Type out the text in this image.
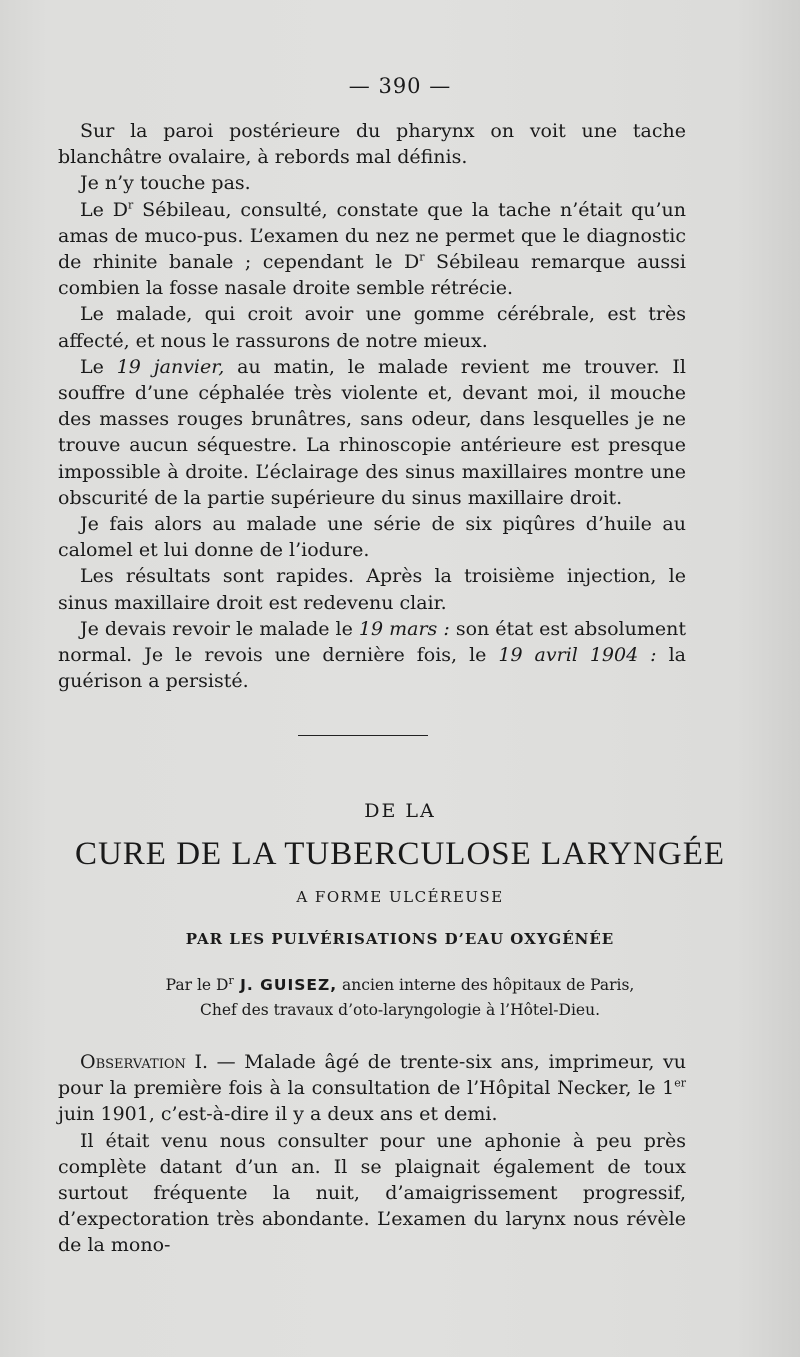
— 390 —

Sur la paroi postérieure du pharynx on voit une tache blanchâtre ovalaire, à rebords mal définis.

Je n’y touche pas.

Le $D^r$ Sébileau, consulté, constate que la tache n’était qu’un amas de muco-pus. L’examen du nez ne permet que le diagnostic de rhinite banale ; cependant le $D^r$ Sébileau remarque aussi combien la fosse nasale droite semble rétrécie.

Le malade, qui croit avoir une gomme cérébrale, est très affecté, et nous le rassurons de notre mieux.

Le 19 janvier, au matin, le malade revient me trouver. Il souffre d’une céphalée très violente et, devant moi, il mouche des masses rouges brunâtres, sans odeur, dans lesquelles je ne trouve aucun séquestre. La rhinoscopie antérieure est presque impossible à droite. L’éclairage des sinus maxillaires montre une obscurité de la partie supérieure du sinus maxillaire droit.

Je fais alors au malade une série de six piqûres d’huile au calomel et lui donne de l’iodure.

Les résultats sont rapides. Après la troisième injection, le sinus maxillaire droit est redevenu clair.

Je devais revoir le malade le 19 mars : son état est absolument normal. Je le revois une dernière fois, le 19 avril 1904 : la guérison a persisté.

DE LA
CURE DE LA TUBERCULOSE LARYNGÉE
A FORME ULCÉREUSE
PAR LES PULVÉRISATIONS D’EAU OXYGÉNÉE
Par le $D^r$ J. GUISEZ, ancien interne des hôpitaux de Paris,
Chef des travaux d’oto-laryngologie à l’Hôtel-Dieu.

Observation I. — Malade âgé de trente-six ans, imprimeur, vu pour la première fois à la consultation de l’Hôpital Necker, le 1er juin 1901, c’est-à-dire il y a deux ans et demi.

Il était venu nous consulter pour une aphonie à peu près complète datant d’un an. Il se plaignait également de toux surtout fréquente la nuit, d’amaigrissement progressif, d’expectoration très abondante. L’examen du larynx nous révèle de la mono-
